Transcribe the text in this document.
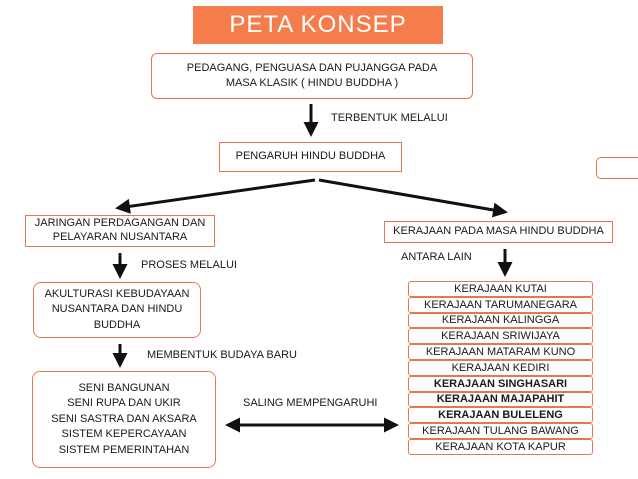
PETA KONSEP
PEDAGANG, PENGUASA DAN PUJANGGA PADA
MASA KLASIK ( HINDU BUDDHA )
TERBENTUK MELALUI
PENGARUH HINDU BUDDHA
JARINGAN PERDAGANGAN DAN
PELAYARAN NUSANTARA	KERAJAAN PADA MASA HINDU BUDDHA
PROSES MELALUI
ANTARA LAIN
AKULTURASI KEBUDAYAAN
NUSANTARA DAN HINDU
BUDDHA
MEMBENTUK BUDAYA BARU
SENI BANGUNAN
SENI RUPA DAN UKIR
SENI SASTRA DAN AKSARA
SISTEM KEPERCAYAAN
SISTEM PEMERINTAHAN
SALING MEMPENGARUHI
KERAJAAN KUTAI
KERAJAAN TARUMANEGARA
KERAJAAN KALINGGA
KERAJAAN SRIWIJAYA
KERAJAAN MATARAM KUNO
KERAJAAN KEDIRI
KERAJAAN SINGHASARI
KERAJAAN MAJAPAHIT
KERAJAAN BULELENG
KERAJAAN TULANG BAWANG
KERAJAAN KOTA KAPUR
